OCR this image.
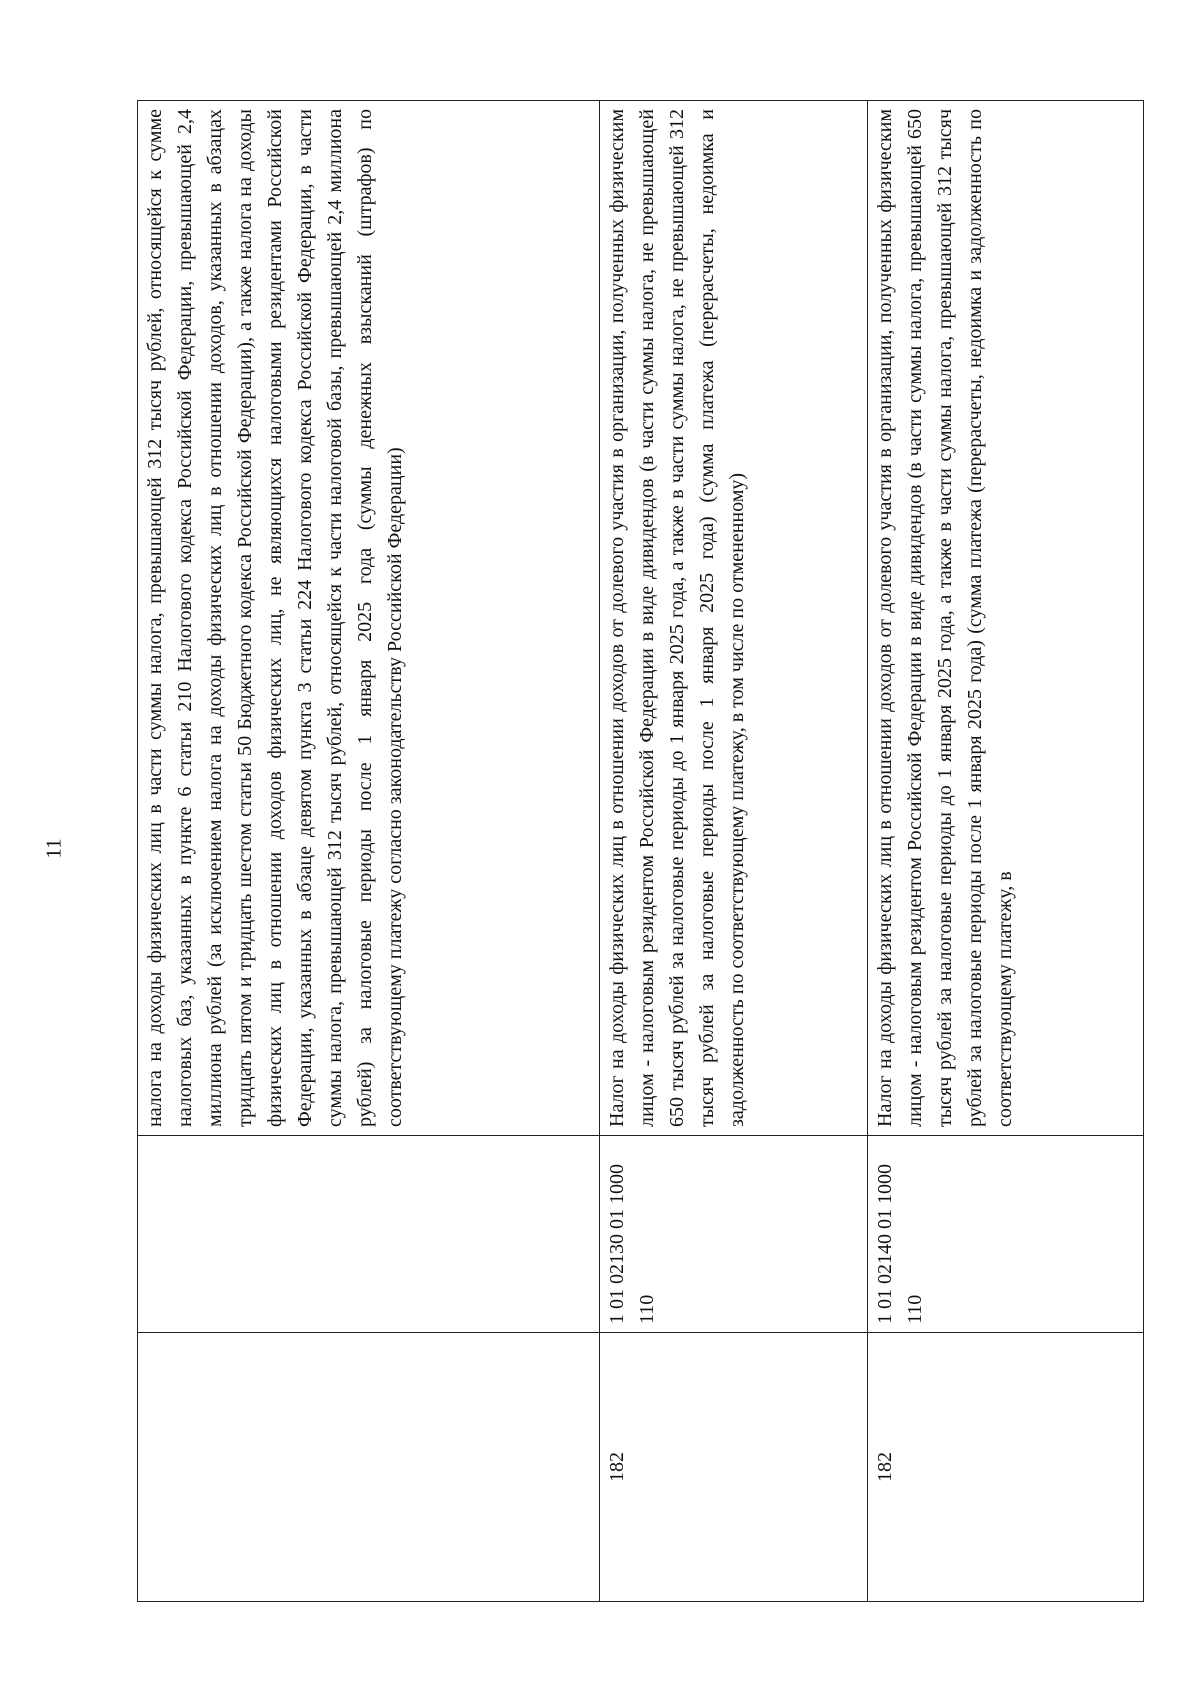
11
			налога на доходы физических лиц в части суммы налога, превышающей 312 тысяч рублей, относящейся к сумме налоговых баз, указанных в пункте 6 статьи 210 Налогового кодекса Российской Федерации, превышающей 2,4 миллиона рублей (за исключением налога на доходы физических лиц в отношении доходов, указанных в абзацах тридцать пятом и тридцать шестом статьи 50 Бюджетного кодекса Российской Федерации), а также налога на доходы физических лиц в отношении доходов физических лиц, не являющихся налоговыми резидентами Российской Федерации, указанных в абзаце девятом пункта 3 статьи 224 Налогового кодекса Российской Федерации, в части суммы налога, превышающей 312 тысяч рублей, относящейся к части налоговой базы, превышающей 2,4 миллиона рублей) за налоговые периоды после 1 января 2025 года (суммы денежных взысканий (штрафов) по соответствующему платежу согласно законодательству Российской Федерации)
182	1 01 02130 01 1000 110	Налог на доходы физических лиц в отношении доходов от долевого участия в организации, полученных физическим лицом - налоговым резидентом Российской Федерации в виде дивидендов (в части суммы налога, не превышающей 650 тысяч рублей за налоговые периоды до 1 января 2025 года, а также в части суммы налога, не превышающей 312 тысяч рублей за налоговые периоды после 1 января 2025 года) (сумма платежа (перерасчеты, недоимка и задолженность по соответствующему платежу, в том числе по отмененному)
182	1 01 02140 01 1000 110	Налог на доходы физических лиц в отношении доходов от долевого участия в организации, полученных физическим лицом - налоговым резидентом Российской Федерации в виде дивидендов (в части суммы налога, превышающей 650 тысяч рублей за налоговые периоды до 1 января 2025 года, а также в части суммы налога, превышающей 312 тысяч рублей за налоговые периоды после 1 января 2025 года) (сумма платежа (перерасчеты, недоимка и задолженность по соответствующему платежу, в
